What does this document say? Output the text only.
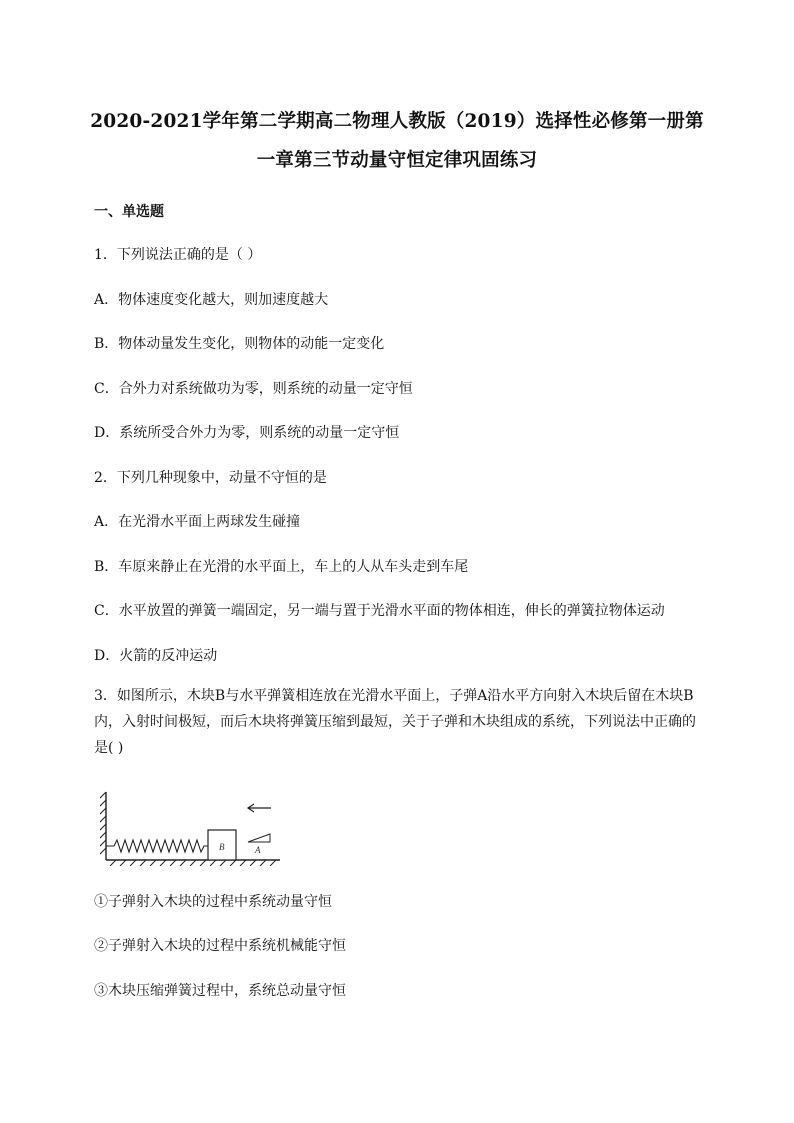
2020-2021学年第二学期高二物理人教版（2019）选择性必修第一册第
一章第三节动量守恒定律巩固练习
一、单选题
1．下列说法正确的是（ ）
A．物体速度变化越大，则加速度越大
B．物体动量发生变化，则物体的动能一定变化
C．合外力对系统做功为零，则系统的动量一定守恒
D．系统所受合外力为零，则系统的动量一定守恒
2．下列几种现象中，动量不守恒的是
A．在光滑水平面上两球发生碰撞
B．车原来静止在光滑的水平面上，车上的人从车头走到车尾
C．水平放置的弹簧一端固定，另一端与置于光滑水平面的物体相连，伸长的弹簧拉物体运动
D．火箭的反冲运动
3．如图所示，木块B与水平弹簧相连放在光滑水平面上，子弹A沿水平方向射入木块后留在木块B内，入射时间极短，而后木块将弹簧压缩到最短，关于子弹和木块组成的系统，下列说法中正确的是( )
B	A
①子弹射入木块的过程中系统动量守恒
②子弹射入木块的过程中系统机械能守恒
③木块压缩弹簧过程中，系统总动量守恒
